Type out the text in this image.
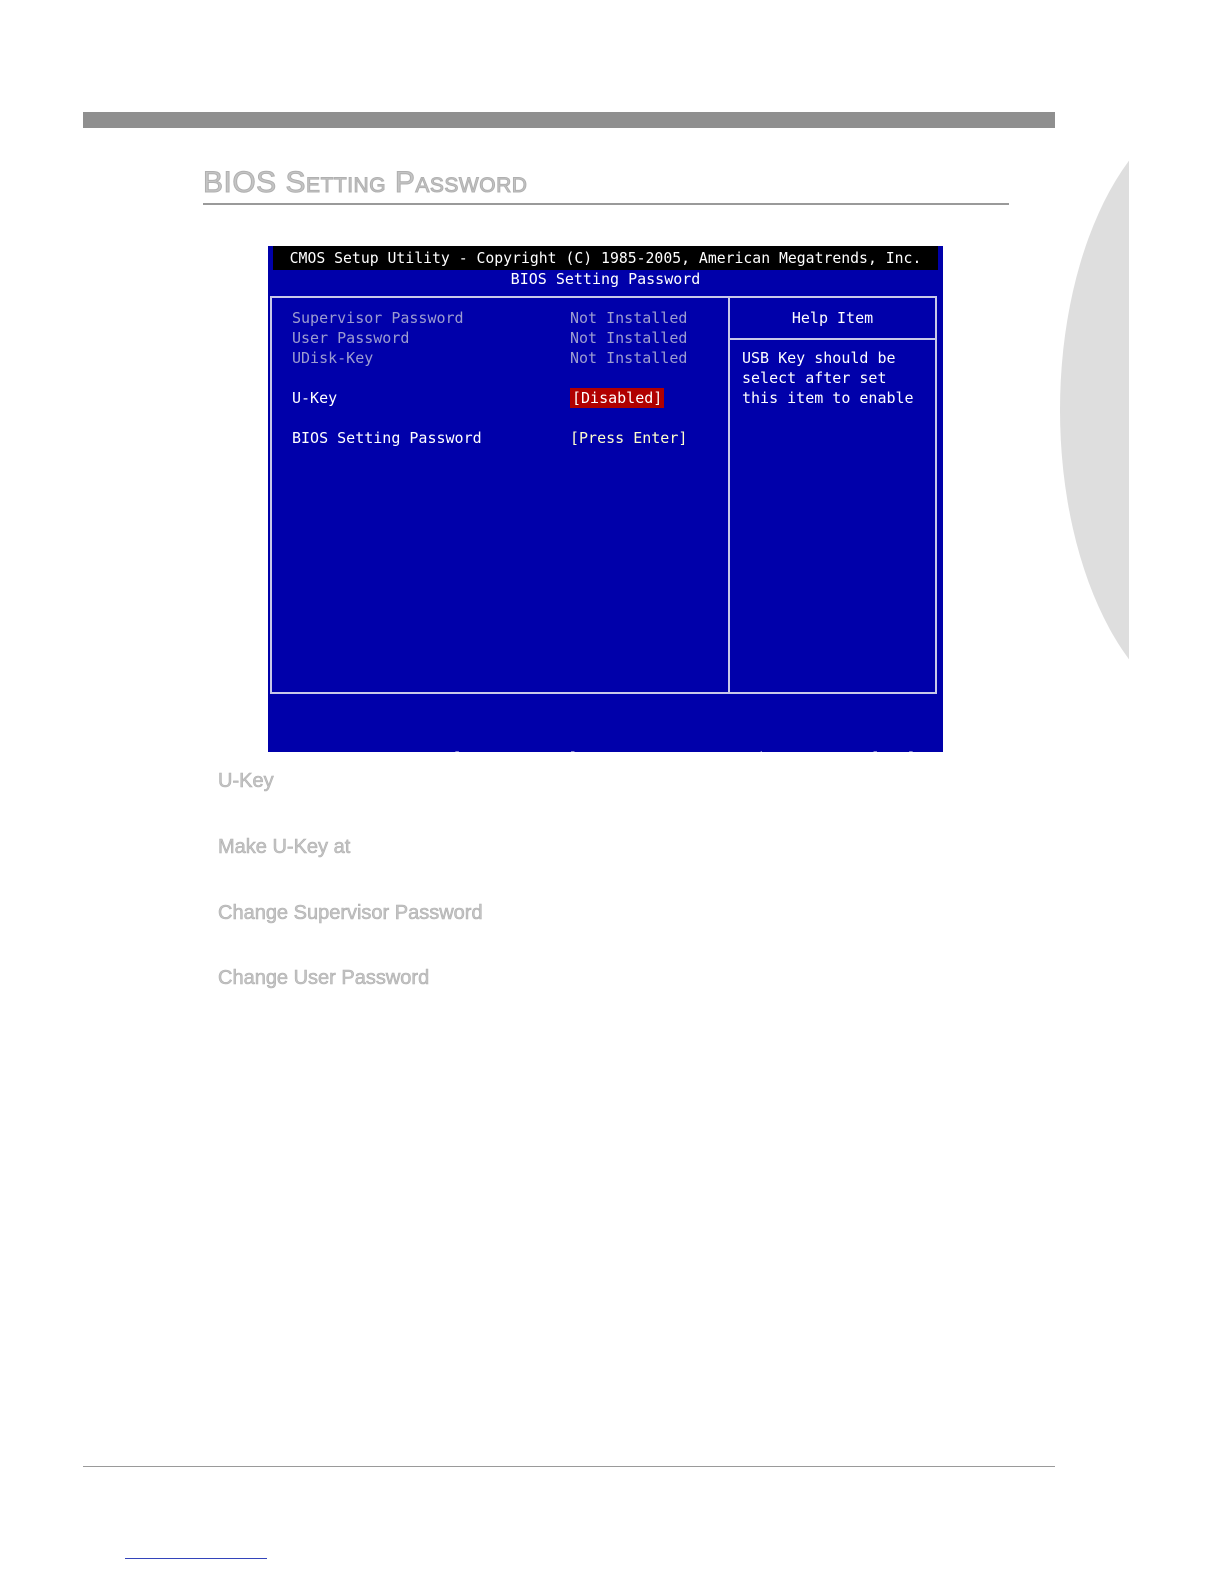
BIOS Setting Password
CMOS Setup Utility - Copyright (C) 1985-2005, American Megatrends, Inc.
BIOS Setting Password
Supervisor Password	Not Installed
User Password	Not Installed
UDisk-Key	Not Installed
U-Key	[Disabled]
BIOS Setting Password	[Press Enter]
Help Item
USB Key should be
select after set
this item to enable

↑↓←→:Move  Enter:Select  +/-/:Value  F10:Save  ESC:Exit  F1:General Help

F4:CPU Spec  F5:Memory-Z  F8:Fail-Safe Defaults    F6:Optimized Defaults

U-Key
Make U-Key at
Change Supervisor Password
Change User Password
